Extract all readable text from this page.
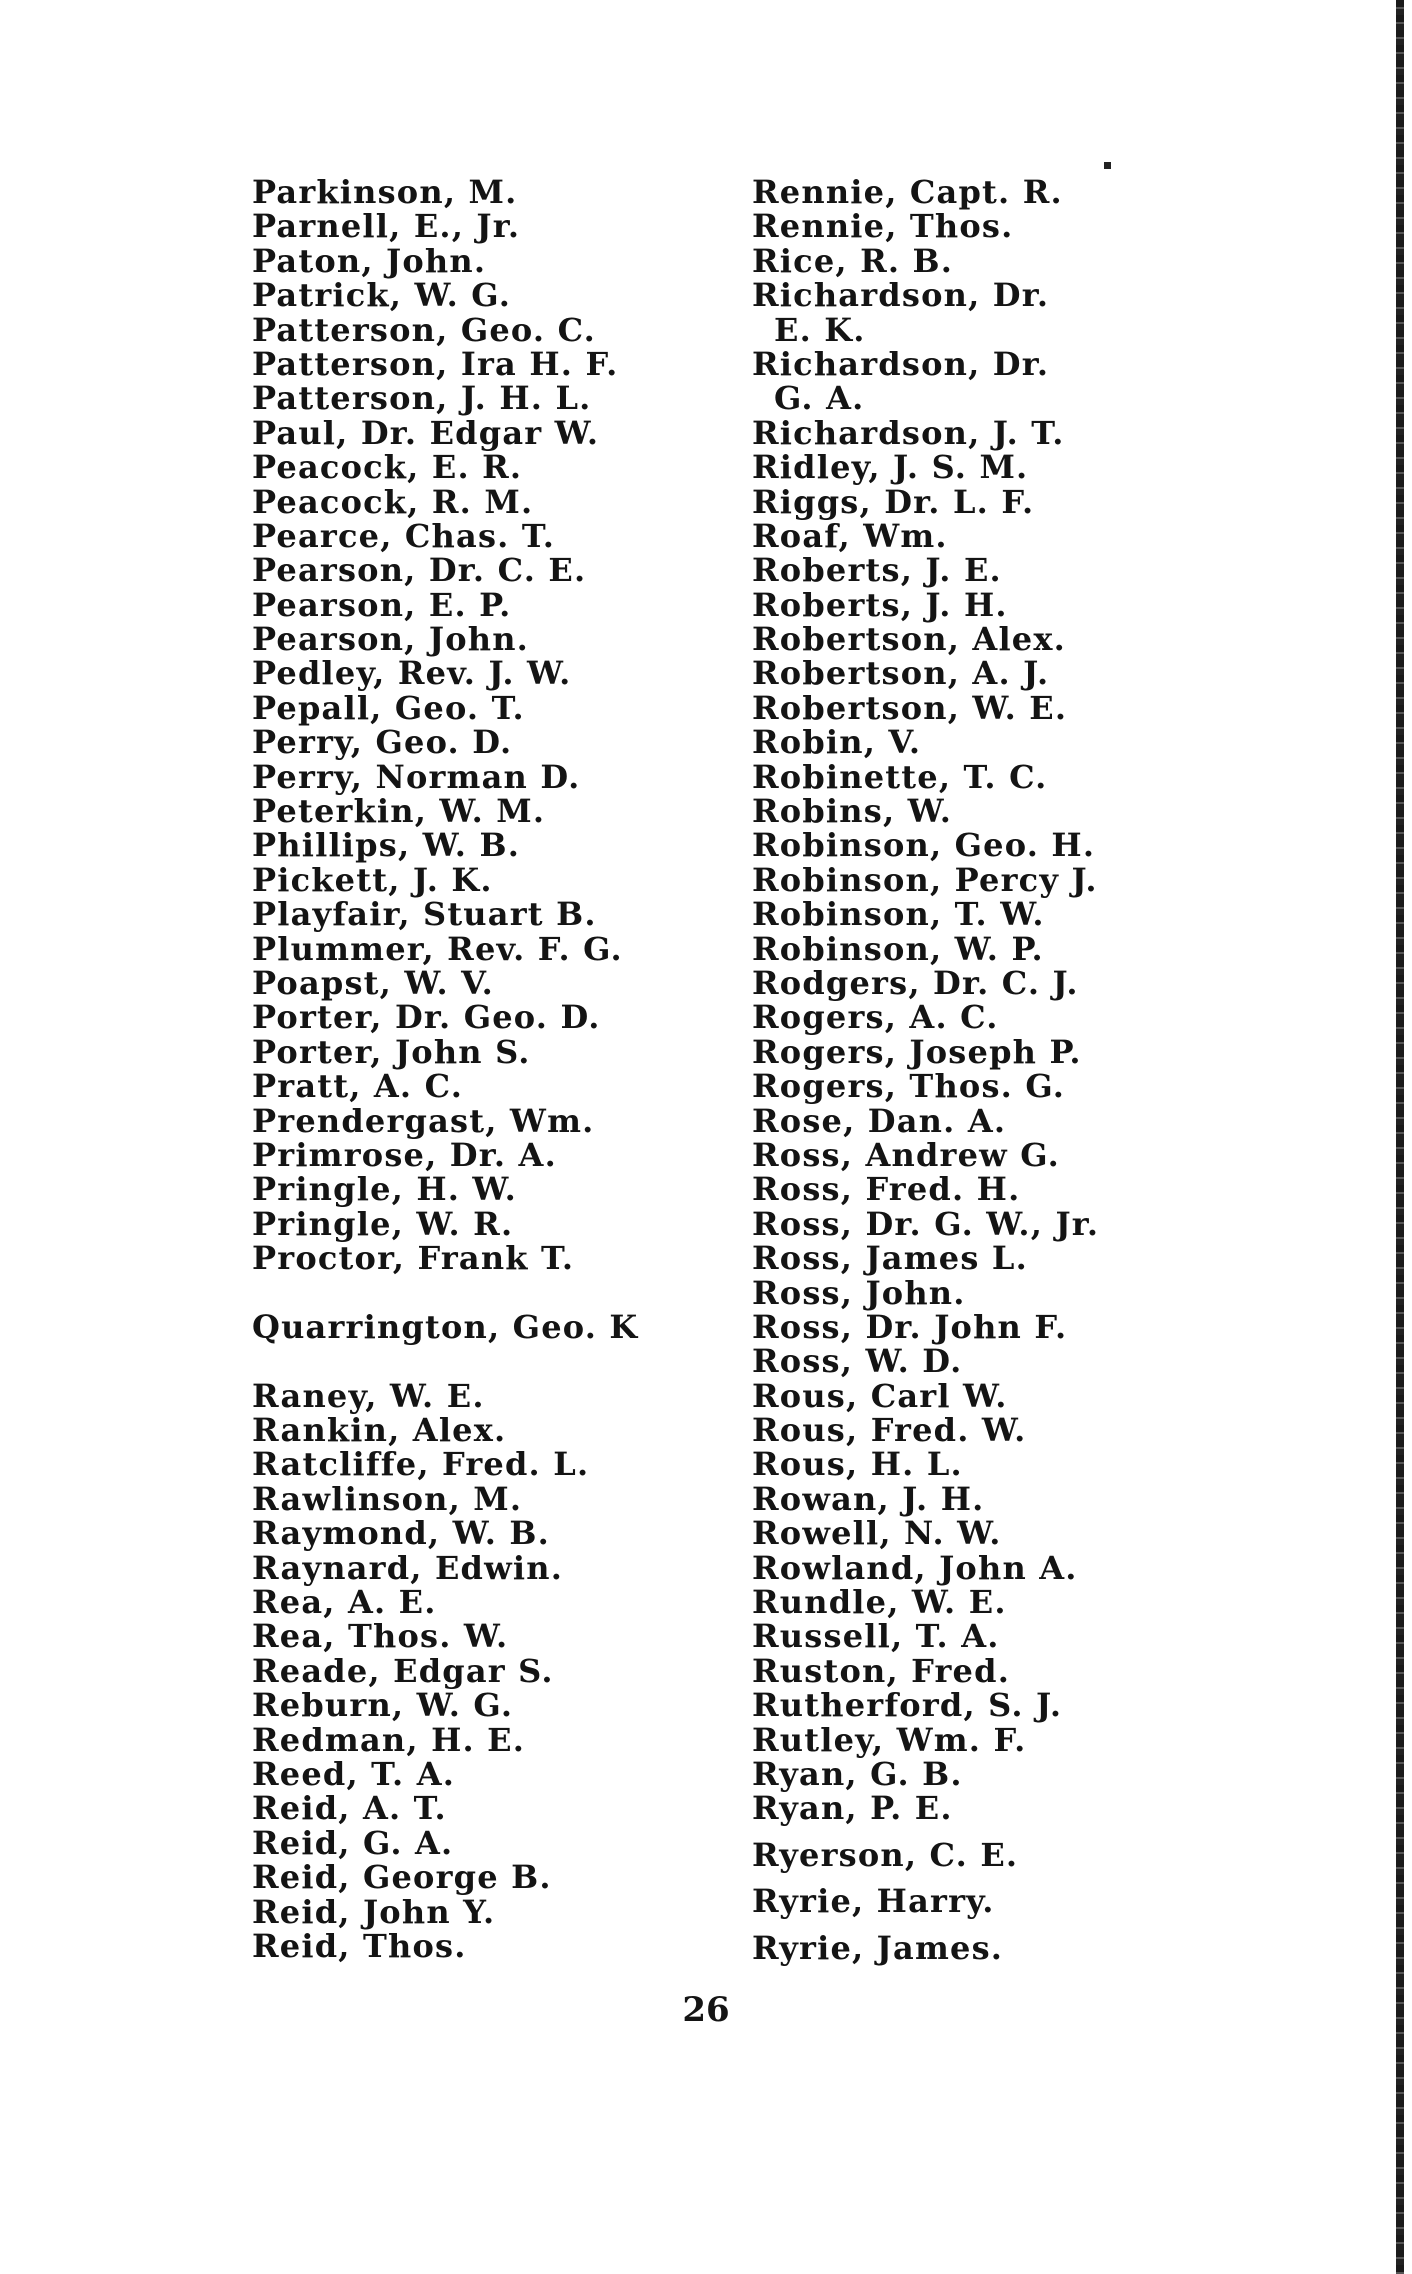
Parkinson, M.
Parnell, E., Jr.
Paton, John.
Patrick, W. G.
Patterson, Geo. C.
Patterson, Ira H. F.
Patterson, J. H. L.
Paul, Dr. Edgar W.
Peacock, E. R.
Peacock, R. M.
Pearce, Chas. T.
Pearson, Dr. C. E.
Pearson, E. P.
Pearson, John.
Pedley, Rev. J. W.
Pepall, Geo. T.
Perry, Geo. D.
Perry, Norman D.
Peterkin, W. M.
Phillips, W. B.
Pickett, J. K.
Playfair, Stuart B.
Plummer, Rev. F. G.
Poapst, W. V.
Porter, Dr. Geo. D.
Porter, John S.
Pratt, A. C.
Prendergast, Wm.
Primrose, Dr. A.
Pringle, H. W.
Pringle, W. R.
Proctor, Frank T.
Quarrington, Geo. K
Raney, W. E.
Rankin, Alex.
Ratcliffe, Fred. L.
Rawlinson, M.
Raymond, W. B.
Raynard, Edwin.
Rea, A. E.
Rea, Thos. W.
Reade, Edgar S.
Reburn, W. G.
Redman, H. E.
Reed, T. A.
Reid, A. T.
Reid, G. A.
Reid, George B.
Reid, John Y.
Reid, Thos.
Rennie, Capt. R.
Rennie, Thos.
Rice, R. B.
Richardson, Dr.
E. K.
Richardson, Dr.
G. A.
Richardson, J. T.
Ridley, J. S. M.
Riggs, Dr. L. F.
Roaf, Wm.
Roberts, J. E.
Roberts, J. H.
Robertson, Alex.
Robertson, A. J.
Robertson, W. E.
Robin, V.
Robinette, T. C.
Robins, W.
Robinson, Geo. H.
Robinson, Percy J.
Robinson, T. W.
Robinson, W. P.
Rodgers, Dr. C. J.
Rogers, A. C.
Rogers, Joseph P.
Rogers, Thos. G.
Rose, Dan. A.
Ross, Andrew G.
Ross, Fred. H.
Ross, Dr. G. W., Jr.
Ross, James L.
Ross, John.
Ross, Dr. John F.
Ross, W. D.
Rous, Carl W.
Rous, Fred. W.
Rous, H. L.
Rowan, J. H.
Rowell, N. W.
Rowland, John A.
Rundle, W. E.
Russell, T. A.
Ruston, Fred.
Rutherford, S. J.
Rutley, Wm. F.
Ryan, G. B.
Ryan, P. E.
Ryerson, C. E.
Ryrie, Harry.
Ryrie, James.
26
